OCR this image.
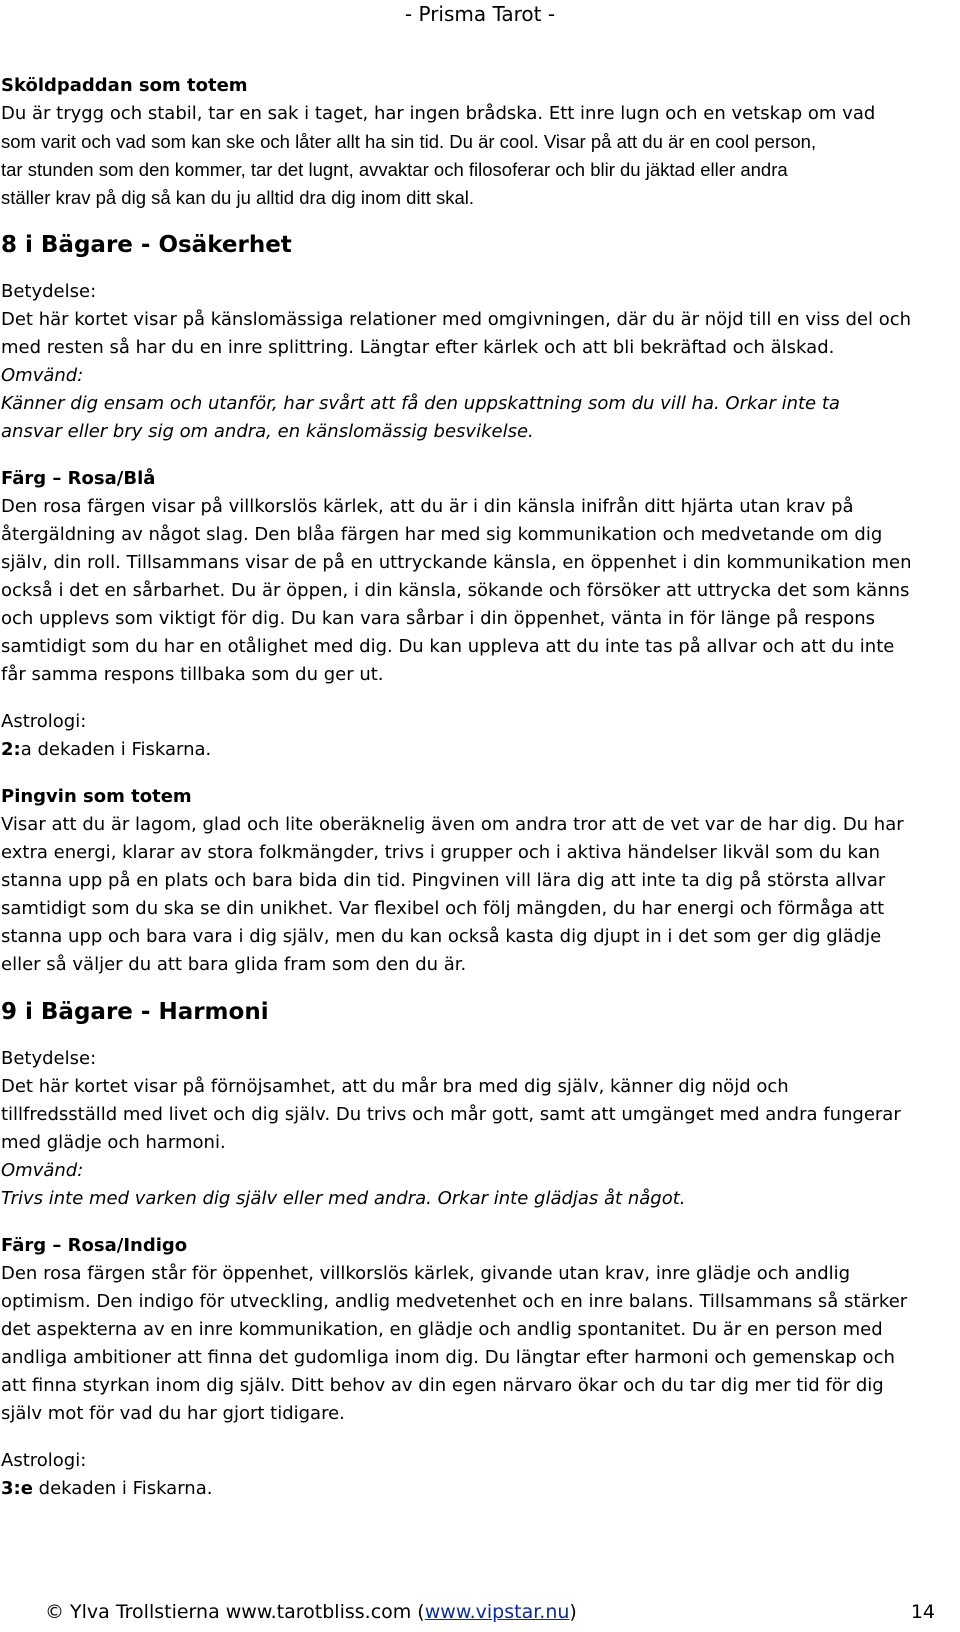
- Prisma Tarot -

Sköldpaddan som totem

Du är trygg och stabil, tar en sak i taget, har ingen brådska. Ett inre lugn och en vetskap om vad

som varit och vad som kan ske och låter allt ha sin tid. Du är cool. Visar på att du är en cool person,

tar stunden som den kommer, tar det lugnt, avvaktar och filosoferar och blir du jäktad eller andra

ställer krav på dig så kan du ju alltid dra dig inom ditt skal.

8 i Bägare - Osäkerhet

Betydelse:

Det här kortet visar på känslomässiga relationer med omgivningen, där du är nöjd till en viss del och

med resten så har du en inre splittring. Längtar efter kärlek och att bli bekräftad och älskad.

Omvänd:

Känner dig ensam och utanför, har svårt att få den uppskattning som du vill ha. Orkar inte ta

ansvar eller bry sig om andra, en känslomässig besvikelse.

Färg – Rosa/Blå

Den rosa färgen visar på villkorslös kärlek, att du är i din känsla inifrån ditt hjärta utan krav på

återgäldning av något slag. Den blåa färgen har med sig kommunikation och medvetande om dig

själv, din roll. Tillsammans visar de på en uttryckande känsla, en öppenhet i din kommunikation men

också i det en sårbarhet. Du är öppen, i din känsla, sökande och försöker att uttrycka det som känns

och upplevs som viktigt för dig. Du kan vara sårbar i din öppenhet, vänta in för länge på respons

samtidigt som du har en otålighet med dig. Du kan uppleva att du inte tas på allvar och att du inte

får samma respons tillbaka som du ger ut.

Astrologi:

2:a dekaden i Fiskarna.

Pingvin som totem

Visar att du är lagom, glad och lite oberäknelig även om andra tror att de vet var de har dig. Du har

extra energi, klarar av stora folkmängder, trivs i grupper och i aktiva händelser likväl som du kan

stanna upp på en plats och bara bida din tid. Pingvinen vill lära dig att inte ta dig på största allvar

samtidigt som du ska se din unikhet. Var flexibel och följ mängden, du har energi och förmåga att

stanna upp och bara vara i dig själv, men du kan också kasta dig djupt in i det som ger dig glädje

eller så väljer du att bara glida fram som den du är.

9 i Bägare - Harmoni

Betydelse:

Det här kortet visar på förnöjsamhet, att du mår bra med dig själv, känner dig nöjd och

tillfredsställd med livet och dig själv. Du trivs och mår gott, samt att umgänget med andra fungerar

med glädje och harmoni.

Omvänd:

Trivs inte med varken dig själv eller med andra. Orkar inte glädjas åt något.

Färg – Rosa/Indigo

Den rosa färgen står för öppenhet, villkorslös kärlek, givande utan krav, inre glädje och andlig

optimism. Den indigo för utveckling, andlig medvetenhet och en inre balans. Tillsammans så stärker

det aspekterna av en inre kommunikation, en glädje och andlig spontanitet. Du är en person med

andliga ambitioner att finna det gudomliga inom dig. Du längtar efter harmoni och gemenskap och

att finna styrkan inom dig själv. Ditt behov av din egen närvaro ökar och du tar dig mer tid för dig

själv mot för vad du har gjort tidigare.

Astrologi:

3:e dekaden i Fiskarna.

© Ylva Trollstierna www.tarotbliss.com (www.vipstar.nu)	14
